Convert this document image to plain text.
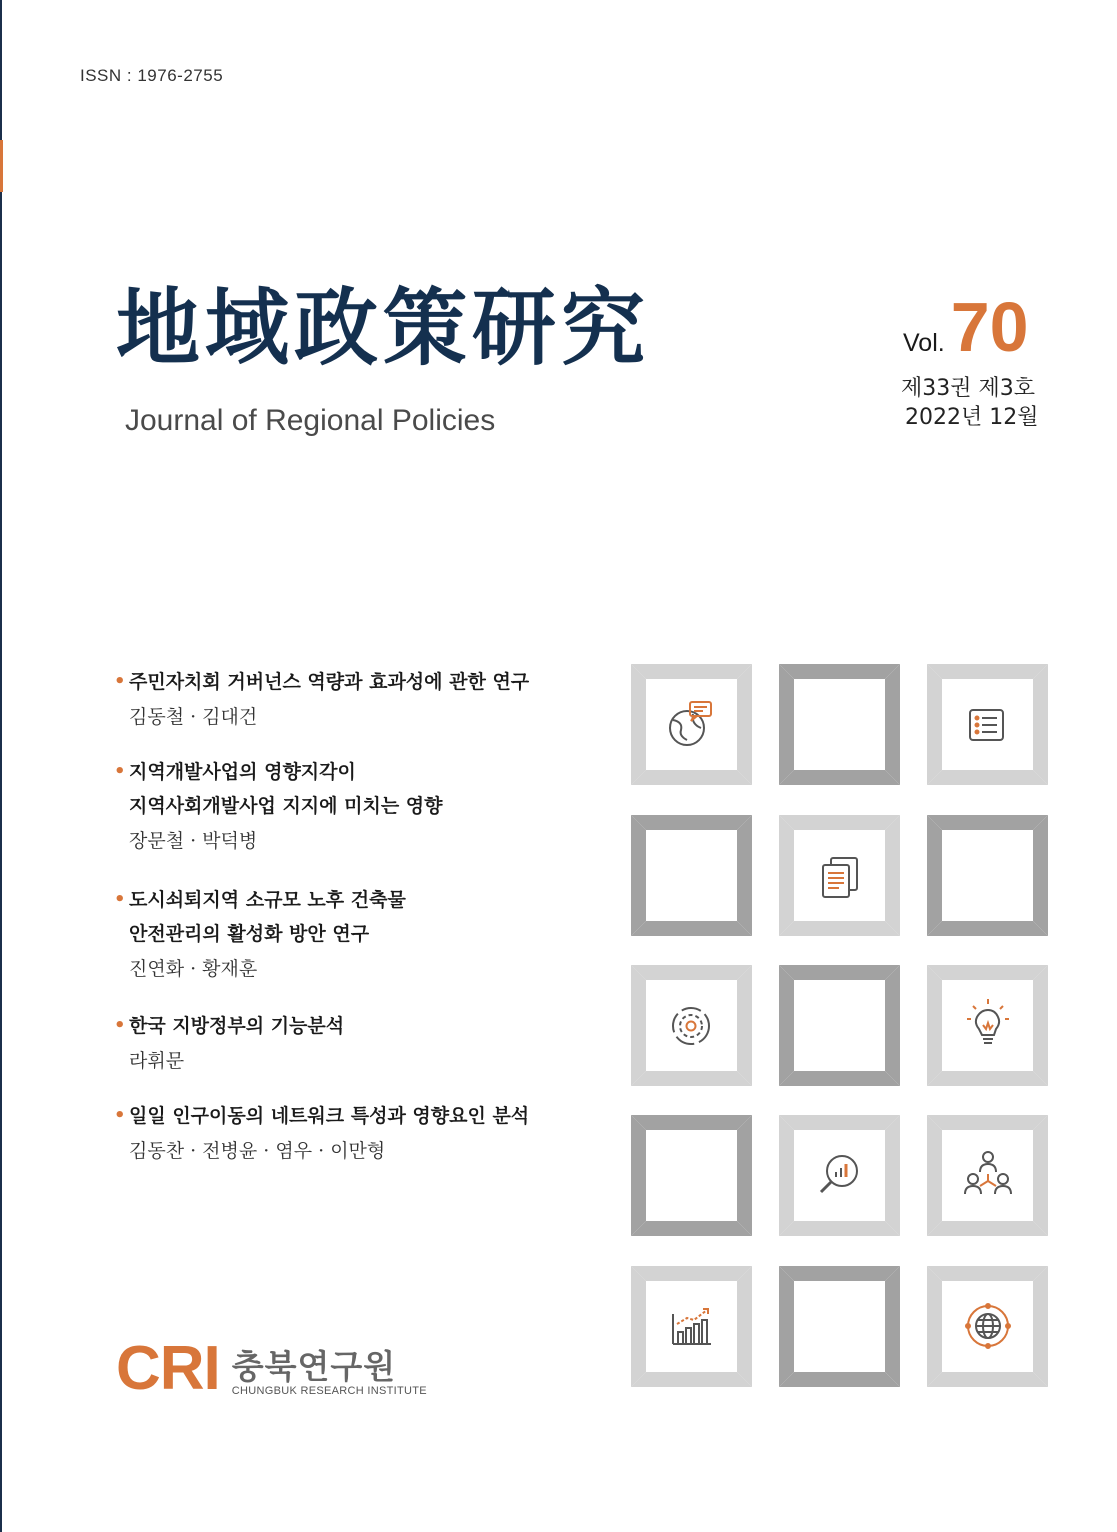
ISSN : 1976-2755
地域政策研究
Journal of Regional Policies
Vol.70
제33권 제3호
2022년 12월
• 주민자치회 거버넌스 역량과 효과성에 관한 연구
김동철 · 김대건
• 지역개발사업의 영향지각이
지역사회개발사업 지지에 미치는 영향
장문철 · 박덕병
• 도시쇠퇴지역 소규모 노후 건축물
안전관리의 활성화 방안 연구
진연화 · 황재훈
• 한국 지방정부의 기능분석
라휘문
• 일일 인구이동의 네트워크 특성과 영향요인 분석
김동찬 · 전병윤 · 염우 · 이만형
CRI 충북연구원
CHUNGBUK RESEARCH INSTITUTE
